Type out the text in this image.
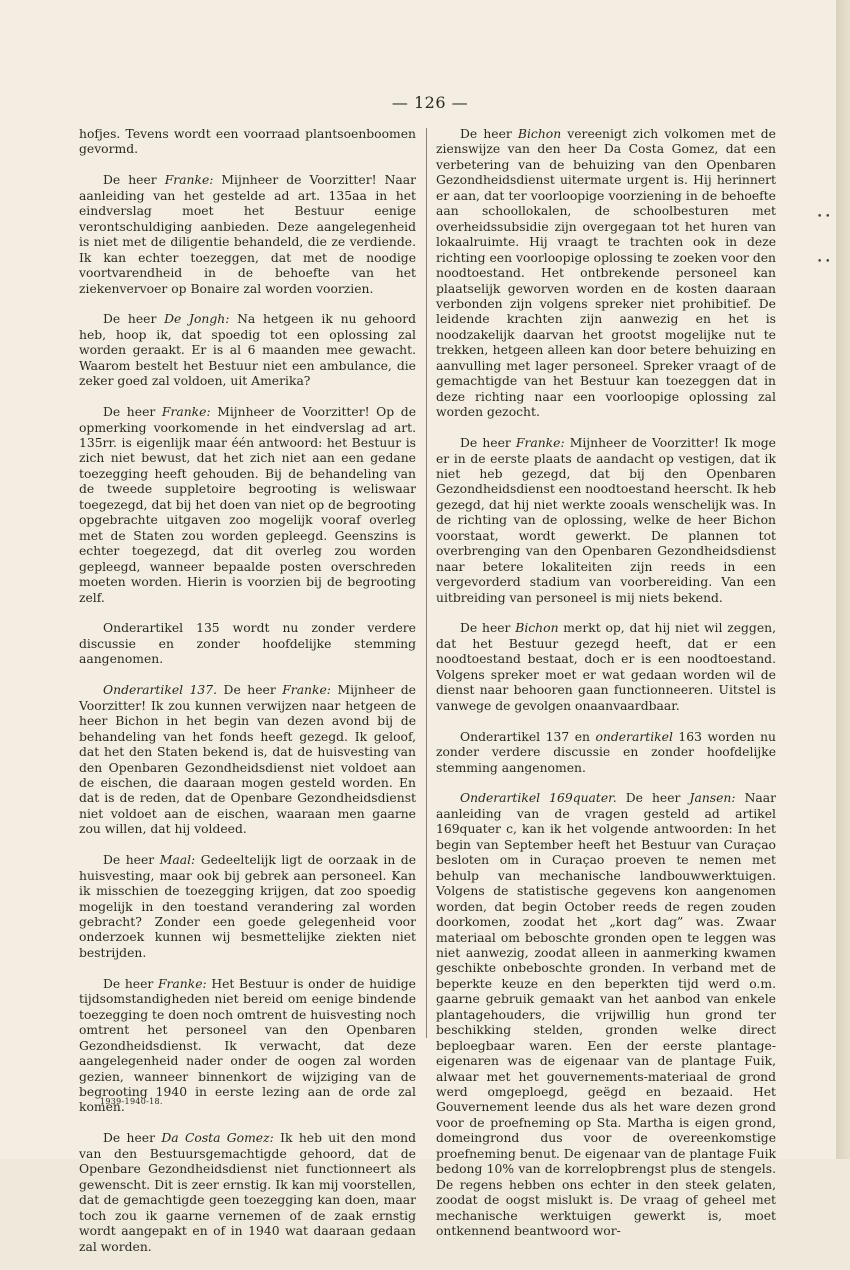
— 126 —

hofjes. Tevens wordt een voorraad plantsoenboomen gevormd.

De heer Franke: Mijnheer de Voorzitter! Naar aanleiding van het gestelde ad art. 135aa in het eindverslag moet het Bestuur eenige verontschuldiging aanbieden. Deze aangelegenheid is niet met de diligentie behandeld, die ze verdiende. Ik kan echter toezeggen, dat met de noodige voortvarendheid in de behoefte van het ziekenvervoer op Bonaire zal worden voorzien.

De heer De Jongh: Na hetgeen ik nu gehoord heb, hoop ik, dat spoedig tot een oplossing zal worden geraakt. Er is al 6 maanden mee gewacht. Waarom bestelt het Bestuur niet een ambulance, die zeker goed zal voldoen, uit Amerika?

De heer Franke: Mijnheer de Voorzitter! Op de opmerking voorkomende in het eindverslag ad art. 135rr. is eigenlijk maar één antwoord: het Bestuur is zich niet bewust, dat het zich niet aan een gedane toezegging heeft gehouden. Bij de behandeling van de tweede suppletoire begrooting is weliswaar toegezegd, dat bij het doen van niet op de begrooting opgebrachte uitgaven zoo mogelijk vooraf overleg met de Staten zou worden gepleegd. Geenszins is echter toegezegd, dat dit overleg zou worden gepleegd, wanneer bepaalde posten overschreden moeten worden. Hierin is voorzien bij de begrooting zelf.

Onderartikel 135 wordt nu zonder verdere discussie en zonder hoofdelijke stemming aangenomen.

Onderartikel 137. De heer Franke: Mijnheer de Voorzitter! Ik zou kunnen verwijzen naar hetgeen de heer Bichon in het begin van dezen avond bij de behandeling van het fonds heeft gezegd. Ik geloof, dat het den Staten bekend is, dat de huisvesting van den Openbaren Gezondheidsdienst niet voldoet aan de eischen, die daaraan mogen gesteld worden. En dat is de reden, dat de Openbare Gezondheidsdienst niet voldoet aan de eischen, waaraan men gaarne zou willen, dat hij voldeed.

De heer Maal: Gedeeltelijk ligt de oorzaak in de huisvesting, maar ook bij gebrek aan personeel. Kan ik misschien de toezegging krijgen, dat zoo spoedig mogelijk in den toestand verandering zal worden gebracht? Zonder een goede gelegenheid voor onderzoek kunnen wij besmettelijke ziekten niet bestrijden.

De heer Franke: Het Bestuur is onder de huidige tijdsomstandigheden niet bereid om eenige bindende toezegging te doen noch omtrent de huisvesting noch omtrent het personeel van den Openbaren Gezondheidsdienst. Ik verwacht, dat deze aangelegenheid nader onder de oogen zal worden gezien, wanneer binnenkort de wijziging van de begrooting 1940 in eerste lezing aan de orde zal komen.

De heer Da Costa Gomez: Ik heb uit den mond van den Bestuursgemachtigde gehoord, dat de Openbare Gezondheidsdienst niet functionneert als gewenscht. Dit is zeer ernstig. Ik kan mij voorstellen, dat de gemachtigde geen toezegging kan doen, maar toch zou ik gaarne vernemen of de zaak ernstig wordt aangepakt en of in 1940 wat daaraan gedaan zal worden.

De heer Bichon vereenigt zich volkomen met de zienswijze van den heer Da Costa Gomez, dat een verbetering van de behuizing van den Openbaren Gezondheidsdienst uitermate urgent is. Hij herinnert er aan, dat ter voorloopige voorziening in de behoefte aan schoollokalen, de schoolbesturen met overheidssubsidie zijn overgegaan tot het huren van lokaalruimte. Hij vraagt te trachten ook in deze richting een voorloopige oplossing te zoeken voor den noodtoestand. Het ontbrekende personeel kan plaatselijk geworven worden en de kosten daaraan verbonden zijn volgens spreker niet prohibitief. De leidende krachten zijn aanwezig en het is noodzakelijk daarvan het grootst mogelijke nut te trekken, hetgeen alleen kan door betere behuizing en aanvulling met lager personeel. Spreker vraagt of de gemachtigde van het Bestuur kan toezeggen dat in deze richting naar een voorloopige oplossing zal worden gezocht.

De heer Franke: Mijnheer de Voorzitter! Ik moge er in de eerste plaats de aandacht op vestigen, dat ik niet heb gezegd, dat bij den Openbaren Gezondheidsdienst een noodtoestand heerscht. Ik heb gezegd, dat hij niet werkte zooals wenschelijk was. In de richting van de oplossing, welke de heer Bichon voorstaat, wordt gewerkt. De plannen tot overbrenging van den Openbaren Gezondheidsdienst naar betere lokaliteiten zijn reeds in een vergevorderd stadium van voorbereiding. Van een uitbreiding van personeel is mij niets bekend.

De heer Bichon merkt op, dat hij niet wil zeggen, dat het Bestuur gezegd heeft, dat er een noodtoestand bestaat, doch er is een noodtoestand. Volgens spreker moet er wat gedaan worden wil de dienst naar behooren gaan functionneeren. Uitstel is vanwege de gevolgen onaanvaardbaar.

Onderartikel 137 en onderartikel 163 worden nu zonder verdere discussie en zonder hoofdelijke stemming aangenomen.

Onderartikel 169quater. De heer Jansen: Naar aanleiding van de vragen gesteld ad artikel 169quater c, kan ik het volgende antwoorden: In het begin van September heeft het Bestuur van Curaçao besloten om in Curaçao proeven te nemen met behulp van mechanische landbouwwerktuigen. Volgens de statistische gegevens kon aangenomen worden, dat begin October reeds de regen zouden doorkomen, zoodat het „kort dag” was. Zwaar materiaal om beboschte gronden open te leggen was niet aanwezig, zoodat alleen in aanmerking kwamen geschikte onbeboschte gronden. In verband met de beperkte keuze en den beperkten tijd werd o.m. gaarne gebruik gemaakt van het aanbod van enkele plantagehouders, die vrijwillig hun grond ter beschikking stelden, gronden welke direct beploegbaar waren. Een der eerste plantage-eigenaren was de eigenaar van de plantage Fuik, alwaar met het gouvernements-materiaal de grond werd omgeploegd, geëgd en bezaaid. Het Gouvernement leende dus als het ware dezen grond voor de proefneming op Sta. Martha is eigen grond, domeingrond dus voor de overeenkomstige proefneming benut. De eigenaar van de plantage Fuik bedong 10% van de korrelopbrengst plus de stengels. De regens hebben ons echter in den steek gelaten, zoodat de oogst mislukt is. De vraag of geheel met mechanische werktuigen gewerkt is, moet ontkennend beantwoord wor-

• •
• •
1939-1940-18.
